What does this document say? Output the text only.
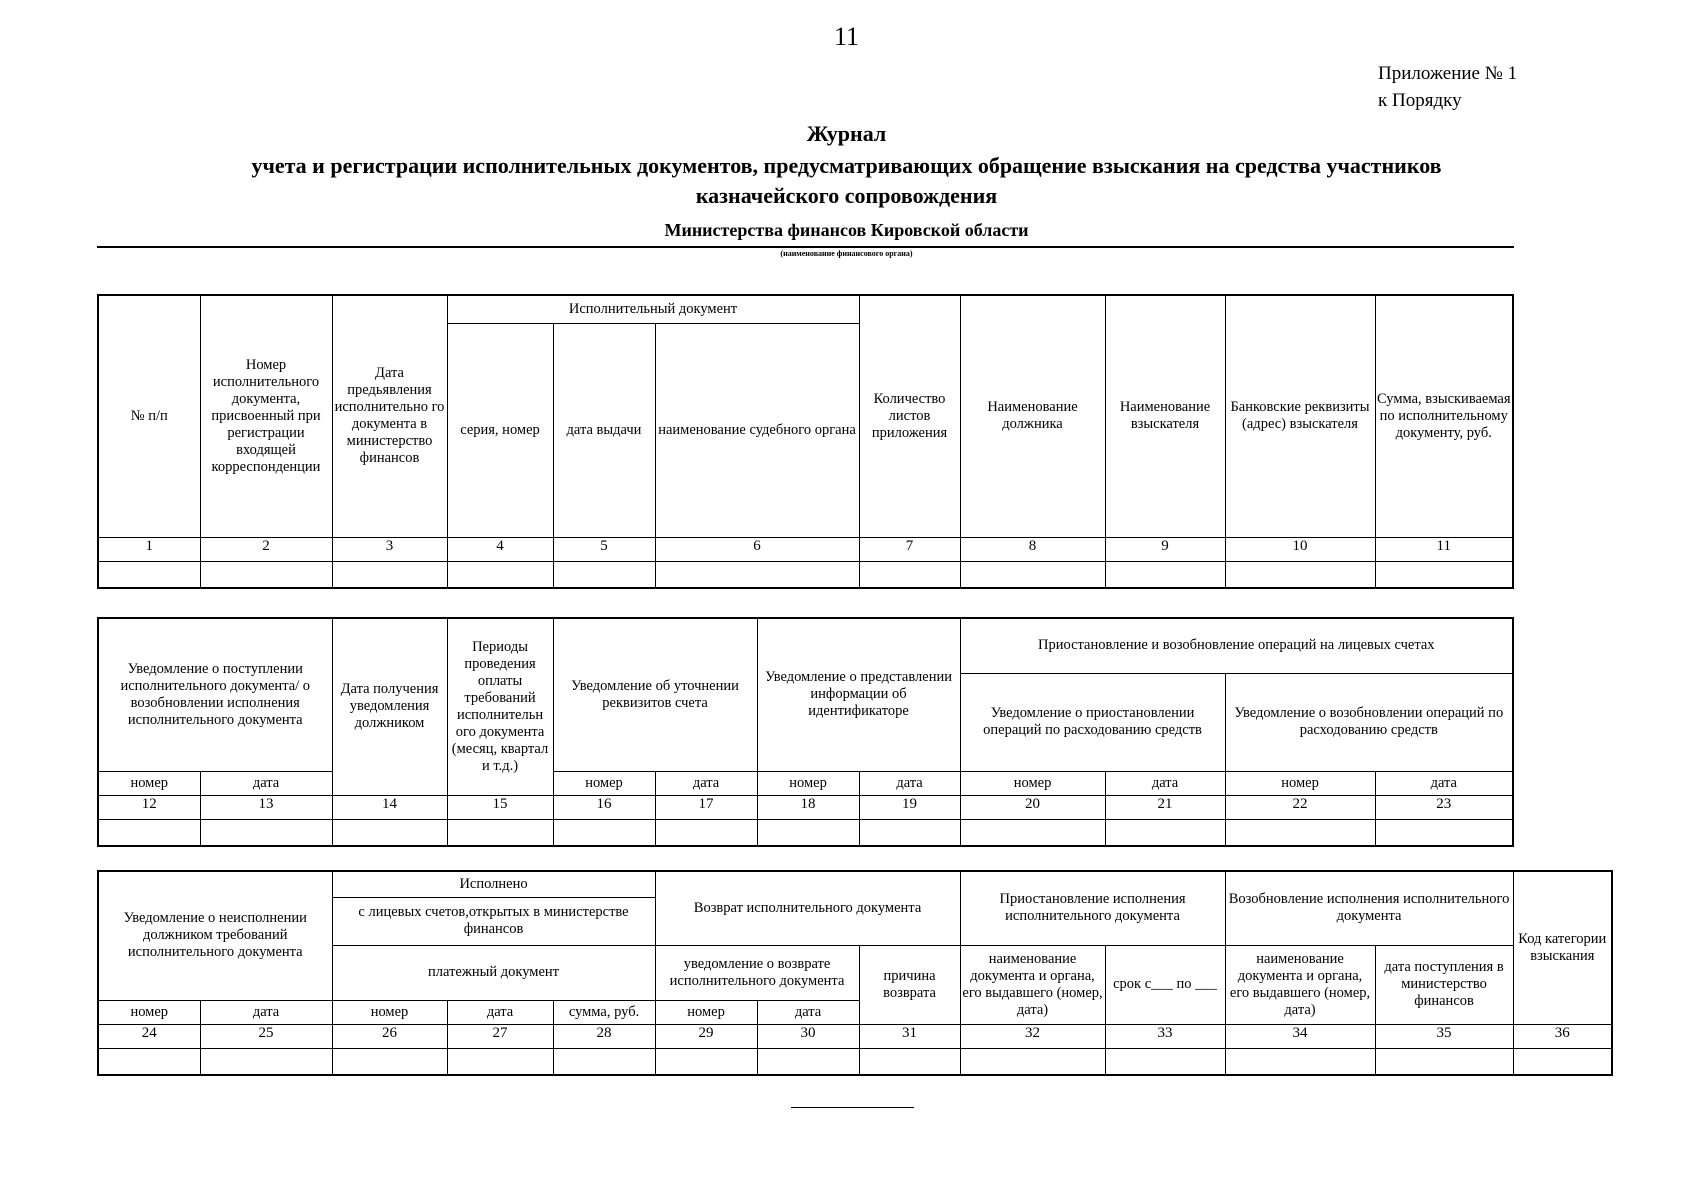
11
Приложение № 1
к Порядку
Журнал
учета и регистрации исполнительных документов, предусматривающих обращение взыскания на средства участников
казначейского сопровождения
Министерства финансов Кировской области
(наименование финансового органа)
№ п/п	Номер исполнительного документа, присвоенный при регистрации входящей корреспонденции	Дата предьявления исполнительно го документа в министерство финансов	Исполнительный документ			Количество листов приложения	Наименование должника	Наименование взыскателя	Банковские реквизиты (адрес) взыскателя	Сумма, взыскиваемая по исполнительному документу, руб.
			серия, номер	дата выдачи	наименование судебного органа					
1	2	3	4	5	6	7	8	9	10	11

Уведомление о поступлении исполнительного документа/ о возобновлении исполнения исполнительного документа		Дата получения уведомления должником	Периоды проведения оплаты требований исполнительн ого документа (месяц, квартал и т.д.)	Уведомление об уточнении реквизитов счета		Уведомление о представлении информации об идентификаторе		Приостановление и возобновление операций на лицевых счетах			
								Уведомление о приостановлении операций по расходованию средств		Уведомление о возобновлении операций по расходованию средств	
номер	дата			номер	дата	номер	дата	номер	дата	номер	дата
12	13	14	15	16	17	18	19	20	21	22	23

Уведомление о неисполнении должником требований исполнительного документа		Исполнено			Возврат исполнительного документа			Приостановление исполнения исполнительного документа		Возобновление исполнения исполнительного документа		Код категории взыскания
		с лицевых счетов,открытых в министерстве финансов										
		платежный документ			уведомление о возврате исполнительного документа		причина возврата	наименование документа и органа, его выдавшего (номер, дата)	срок с___ по ___	наименование документа и органа, его выдавшего (номер, дата)	дата поступления в министерство финансов	
номер	дата	номер	дата	сумма, руб.	номер	дата						
24	25	26	27	28	29	30	31	32	33	34	35	36
